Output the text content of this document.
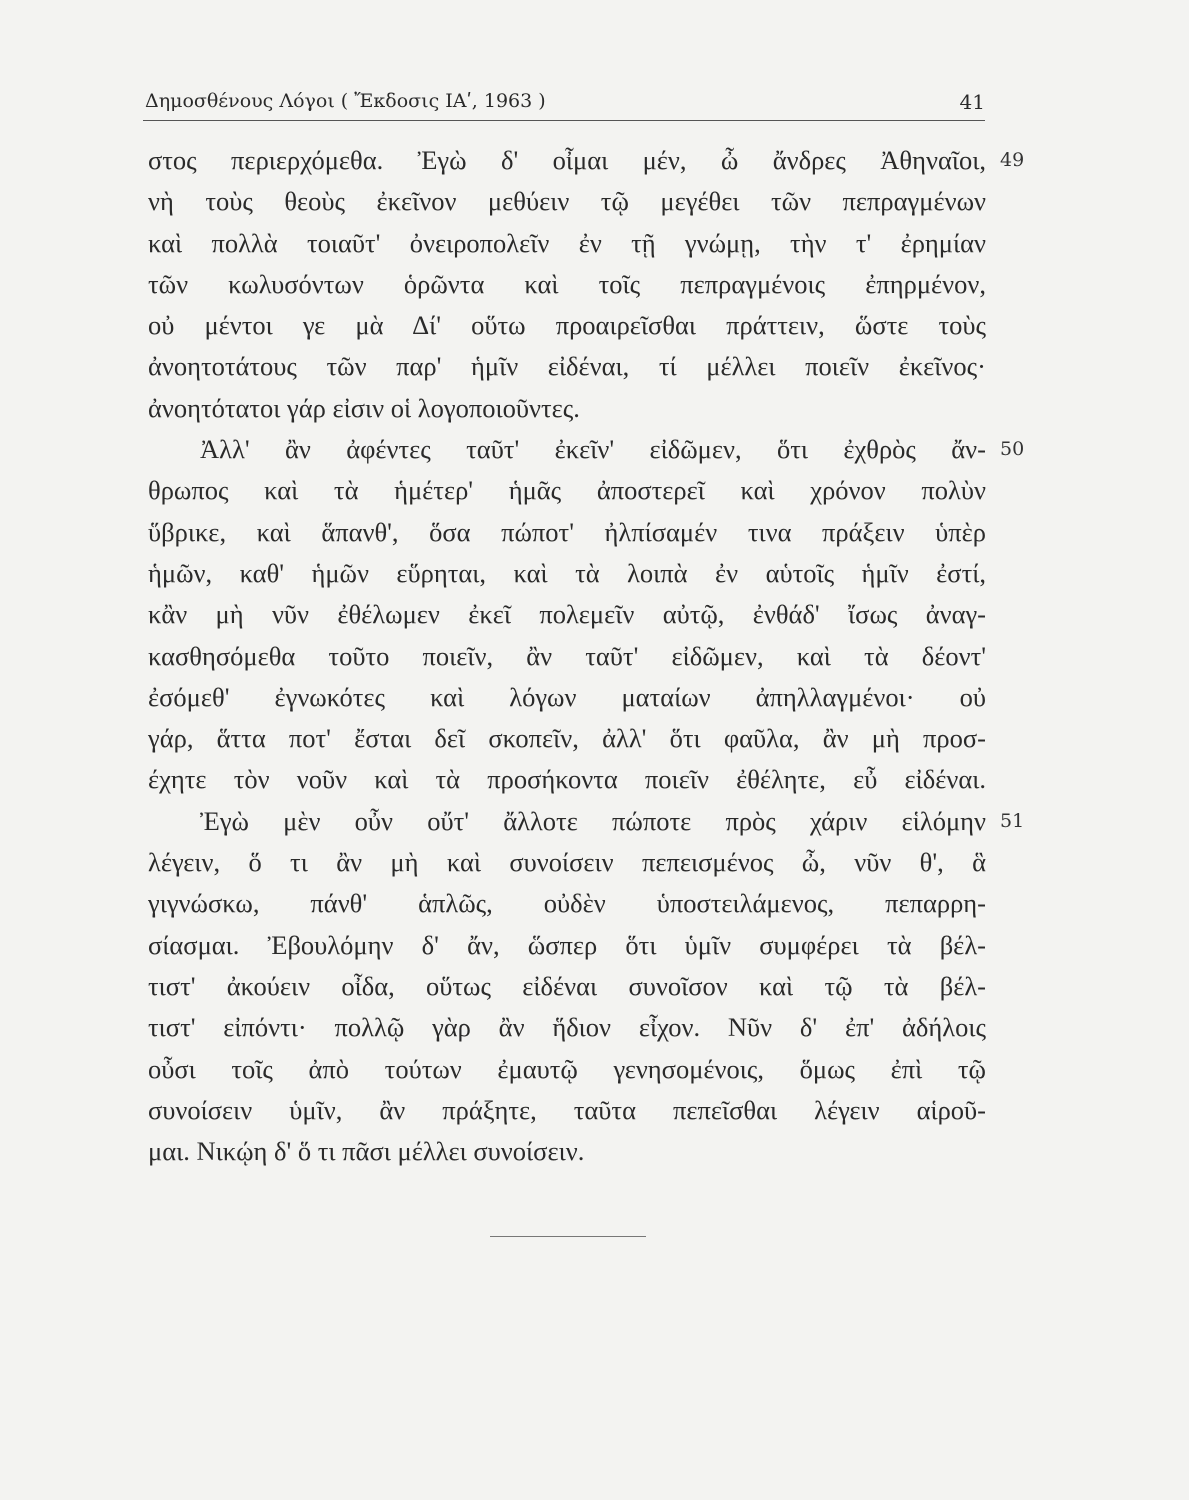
Δημοσθένους Λόγοι ( Ἔκδοσις ΙΑʹ, 1963 )	41
στος περιερχόμεθα. Ἐγὼ δ' οἶμαι μέν, ὦ ἄνδρες Ἀθηναῖοι, 49
νὴ τοὺς θεοὺς ἐκεῖνον μεθύειν τῷ μεγέθει τῶν πεπραγμένων
καὶ πολλὰ τοιαῦτ' ὀνειροπολεῖν ἐν τῇ γνώμῃ, τὴν τ' ἐρημίαν
τῶν κωλυσόντων ὁρῶντα καὶ τοῖς πεπραγμένοις ἐπηρμένον,
οὐ μέντοι γε μὰ Δί' οὕτω προαιρεῖσθαι πράττειν, ὥστε τοὺς
ἀνοητοτάτους τῶν παρ' ἡμῖν εἰδέναι, τί μέλλει ποιεῖν ἐκεῖνος·
ἀνοητότατοι γάρ εἰσιν οἱ λογοποιοῦντες.
Ἀλλ' ἂν ἀφέντες ταῦτ' ἐκεῖν' εἰδῶμεν, ὅτι ἐχθρὸς ἄν- 50
θρωπος καὶ τὰ ἡμέτερ' ἡμᾶς ἀποστερεῖ καὶ χρόνον πολὺν
ὕβρικε, καὶ ἅπανθ', ὅσα πώποτ' ἠλπίσαμέν τινα πράξειν ὑπὲρ
ἡμῶν, καθ' ἡμῶν εὕρηται, καὶ τὰ λοιπὰ ἐν αὑτοῖς ἡμῖν ἐστί,
κἂν μὴ νῦν ἐθέλωμεν ἐκεῖ πολεμεῖν αὐτῷ, ἐνθάδ' ἴσως ἀναγ-
κασθησόμεθα τοῦτο ποιεῖν, ἂν ταῦτ' εἰδῶμεν, καὶ τὰ δέοντ'
ἐσόμεθ' ἐγνωκότες καὶ λόγων ματαίων ἀπηλλαγμένοι· οὐ
γάρ, ἅττα ποτ' ἔσται δεῖ σκοπεῖν, ἀλλ' ὅτι φαῦλα, ἂν μὴ προσ-
έχητε τὸν νοῦν καὶ τὰ προσήκοντα ποιεῖν ἐθέλητε, εὖ εἰδέναι.
Ἐγὼ μὲν οὖν οὔτ' ἄλλοτε πώποτε πρὸς χάριν εἱλόμην 51
λέγειν, ὅ τι ἂν μὴ καὶ συνοίσειν πεπεισμένος ὦ, νῦν θ', ἃ
γιγνώσκω, πάνθ' ἁπλῶς, οὐδὲν ὑποστειλάμενος, πεπαρρη-
σίασμαι. Ἐβουλόμην δ' ἄν, ὥσπερ ὅτι ὑμῖν συμφέρει τὰ βέλ-
τιστ' ἀκούειν οἶδα, οὕτως εἰδέναι συνοῖσον καὶ τῷ τὰ βέλ-
τιστ' εἰπόντι· πολλῷ γὰρ ἂν ἥδιον εἶχον. Νῦν δ' ἐπ' ἀδήλοις
οὖσι τοῖς ἀπὸ τούτων ἐμαυτῷ γενησομένοις, ὅμως ἐπὶ τῷ
συνοίσειν ὑμῖν, ἂν πράξητε, ταῦτα πεπεῖσθαι λέγειν αἱροῦ-
μαι. Νικῴη δ' ὅ τι πᾶσι μέλλει συνοίσειν.
